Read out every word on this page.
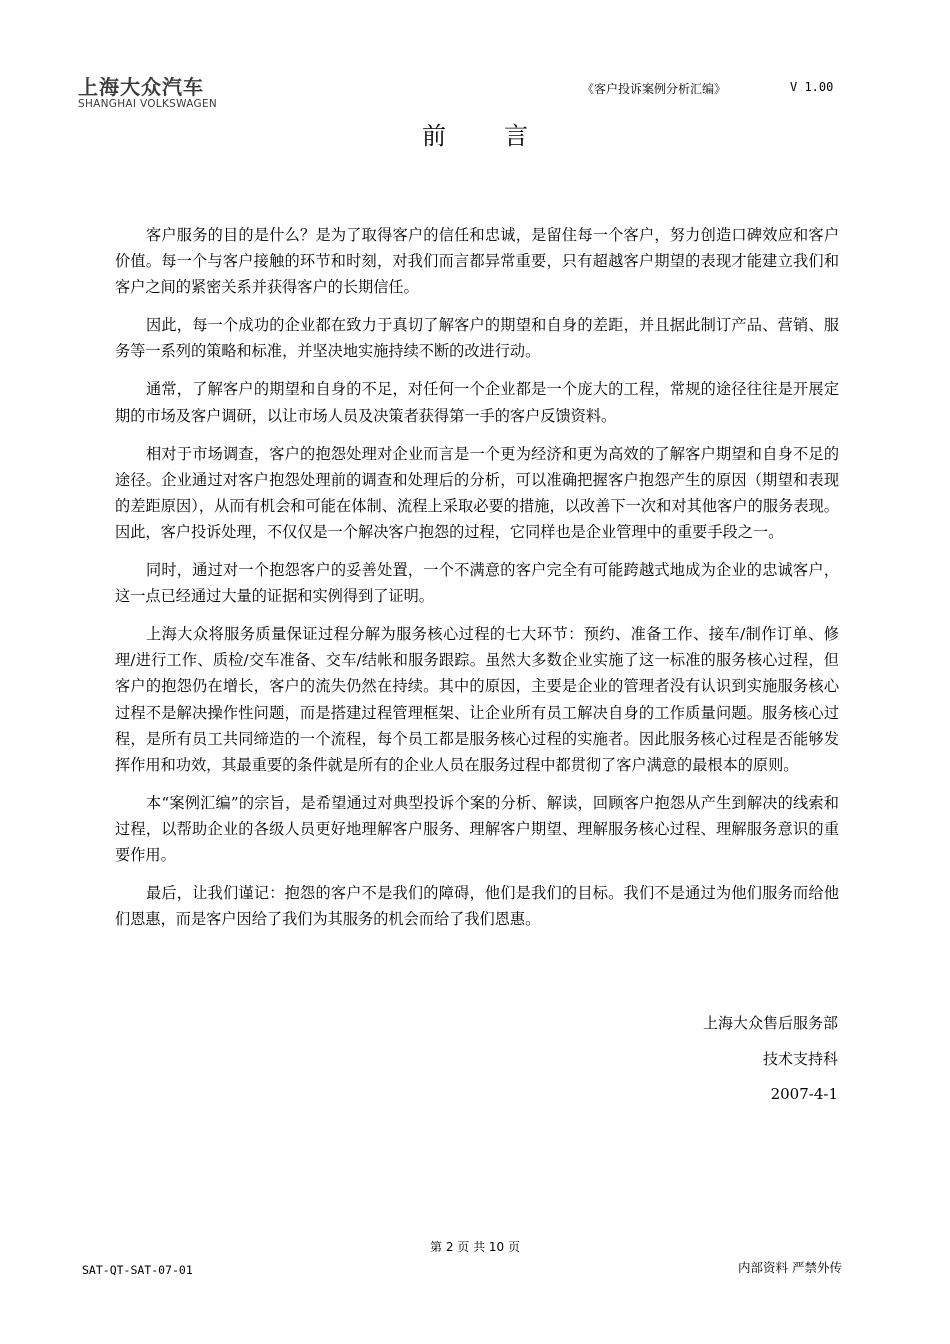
上海大众汽车
SHANGHAI VOLKSWAGEN
《客户投诉案例分析汇编》	V 1.00
前言

客户服务的目的是什么？是为了取得客户的信任和忠诚，是留住每一个客户，努力创造口碑效应和客户价值。每一个与客户接触的环节和时刻，对我们而言都异常重要，只有超越客户期望的表现才能建立我们和客户之间的紧密关系并获得客户的长期信任。

因此，每一个成功的企业都在致力于真切了解客户的期望和自身的差距，并且据此制订产品、营销、服务等一系列的策略和标准，并坚决地实施持续不断的改进行动。

通常，了解客户的期望和自身的不足，对任何一个企业都是一个庞大的工程，常规的途径往往是开展定期的市场及客户调研，以让市场人员及决策者获得第一手的客户反馈资料。

相对于市场调查，客户的抱怨处理对企业而言是一个更为经济和更为高效的了解客户期望和自身不足的途径。企业通过对客户抱怨处理前的调查和处理后的分析，可以准确把握客户抱怨产生的原因（期望和表现的差距原因），从而有机会和可能在体制、流程上采取必要的措施，以改善下一次和对其他客户的服务表现。因此，客户投诉处理，不仅仅是一个解决客户抱怨的过程，它同样也是企业管理中的重要手段之一。

同时，通过对一个抱怨客户的妥善处置，一个不满意的客户完全有可能跨越式地成为企业的忠诚客户，这一点已经通过大量的证据和实例得到了证明。

上海大众将服务质量保证过程分解为服务核心过程的七大环节：预约、准备工作、接车/制作订单、修理/进行工作、质检/交车准备、交车/结帐和服务跟踪。虽然大多数企业实施了这一标准的服务核心过程，但客户的抱怨仍在增长，客户的流失仍然在持续。其中的原因，主要是企业的管理者没有认识到实施服务核心过程不是解决操作性问题，而是搭建过程管理框架、让企业所有员工解决自身的工作质量问题。服务核心过程，是所有员工共同缔造的一个流程，每个员工都是服务核心过程的实施者。因此服务核心过程是否能够发挥作用和功效，其最重要的条件就是所有的企业人员在服务过程中都贯彻了客户满意的最根本的原则。

本“案例汇编”的宗旨，是希望通过对典型投诉个案的分析、解读，回顾客户抱怨从产生到解决的线索和过程，以帮助企业的各级人员更好地理解客户服务、理解客户期望、理解服务核心过程、理解服务意识的重要作用。

最后，让我们谨记：抱怨的客户不是我们的障碍，他们是我们的目标。我们不是通过为他们服务而给他们恩惠，而是客户因给了我们为其服务的机会而给了我们恩惠。

上海大众售后服务部
技术支持科
2007-4-1
第 2 页 共 10 页
SAT-QT-SAT-07-01	内部资料 严禁外传
